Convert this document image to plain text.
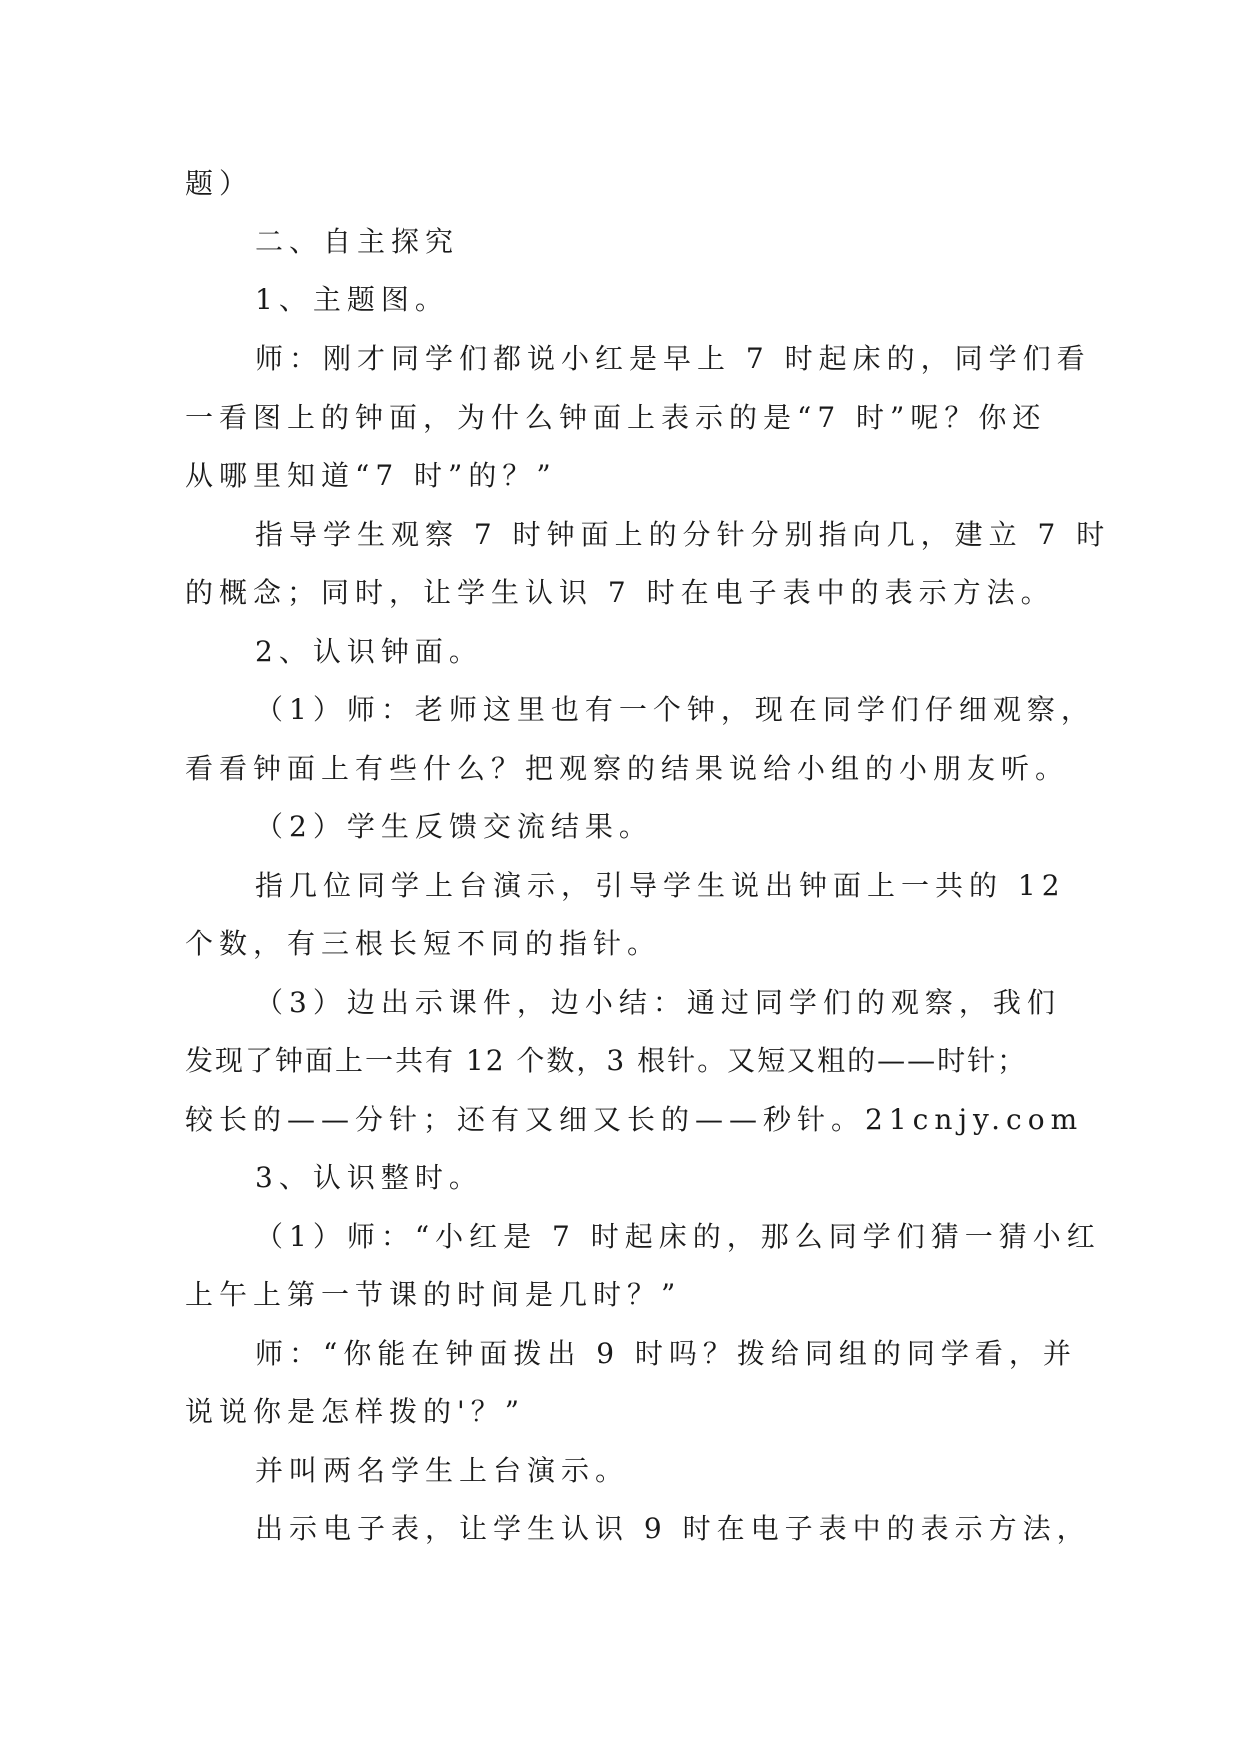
题）

二、自主探究

1、主题图。

师：刚才同学们都说小红是早上 7 时起床的，同学们看

一看图上的钟面，为什么钟面上表示的是“7 时”呢？你还

从哪里知道“7 时”的？”

指导学生观察 7 时钟面上的分针分别指向几，建立 7 时

的概念；同时，让学生认识 7 时在电子表中的表示方法。

2、认识钟面。

（1）师：老师这里也有一个钟，现在同学们仔细观察，

看看钟面上有些什么？把观察的结果说给小组的小朋友听。

（2）学生反馈交流结果。

指几位同学上台演示，引导学生说出钟面上一共的 12

个数，有三根长短不同的指针。

（3）边出示课件，边小结：通过同学们的观察，我们

发现了钟面上一共有 12 个数，3 根针。又短又粗的——时针；

较长的——分针；还有又细又长的——秒针。21cnjy.com

3、认识整时。

（1）师：“小红是 7 时起床的，那么同学们猜一猜小红

上午上第一节课的时间是几时？”

师：“你能在钟面拨出 9 时吗？拨给同组的同学看，并

说说你是怎样拨的'？”

并叫两名学生上台演示。

出示电子表，让学生认识 9 时在电子表中的表示方法，
